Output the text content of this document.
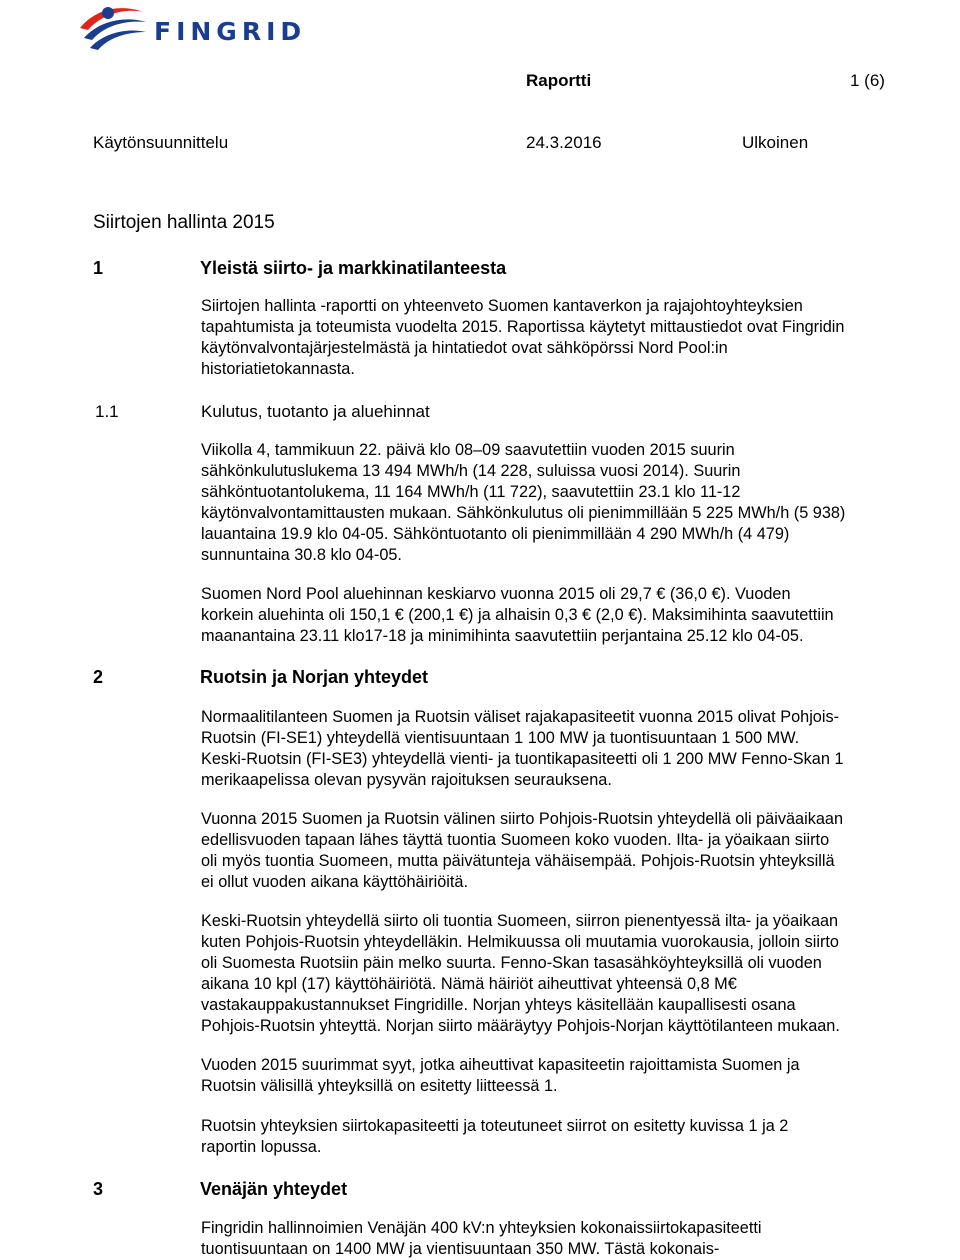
FINGRID
Raportti	1 (6)
Käytönsuunnittelu	24.3.2016	Ulkoinen
Siirtojen hallinta 2015
1	Yleistä siirto- ja markkinatilanteesta
Siirtojen hallinta -raportti on yhteenveto Suomen kantaverkon ja rajajohtoyhteyksien
tapahtumista ja toteumista vuodelta 2015. Raportissa käytetyt mittaustiedot ovat Fingridin
käytönvalvontajärjestelmästä ja hintatiedot ovat sähköpörssi Nord Pool:in
historiatietokannasta.
1.1	Kulutus, tuotanto ja aluehinnat
Viikolla 4, tammikuun 22. päivä klo 08–09 saavutettiin vuoden 2015 suurin
sähkönkulutuslukema 13 494 MWh/h (14 228, suluissa vuosi 2014). Suurin
sähköntuotantolukema, 11 164 MWh/h (11 722), saavutettiin 23.1 klo 11-12
käytönvalvontamittausten mukaan. Sähkönkulutus oli pienimmillään 5 225 MWh/h (5 938)
lauantaina 19.9 klo 04-05. Sähköntuotanto oli pienimmillään 4 290 MWh/h (4 479)
sunnuntaina 30.8 klo 04-05.
Suomen Nord Pool aluehinnan keskiarvo vuonna 2015 oli 29,7 € (36,0 €). Vuoden
korkein aluehinta oli 150,1 € (200,1 €) ja alhaisin 0,3 € (2,0 €). Maksimihinta saavutettiin
maanantaina 23.11 klo17-18 ja minimihinta saavutettiin perjantaina 25.12 klo 04-05.
2	Ruotsin ja Norjan yhteydet
Normaalitilanteen Suomen ja Ruotsin väliset rajakapasiteetit vuonna 2015 olivat Pohjois-
Ruotsin (FI-SE1) yhteydellä vientisuuntaan 1 100 MW ja tuontisuuntaan 1 500 MW.
Keski-Ruotsin (FI-SE3) yhteydellä vienti- ja tuontikapasiteetti oli 1 200 MW Fenno-Skan 1
merikaapelissa olevan pysyvän rajoituksen seurauksena.
Vuonna 2015 Suomen ja Ruotsin välinen siirto Pohjois-Ruotsin yhteydellä oli päiväaikaan
edellisvuoden tapaan lähes täyttä tuontia Suomeen koko vuoden. Ilta- ja yöaikaan siirto
oli myös tuontia Suomeen, mutta päivätunteja vähäisempää. Pohjois-Ruotsin yhteyksillä
ei ollut vuoden aikana käyttöhäiriöitä.
Keski-Ruotsin yhteydellä siirto oli tuontia Suomeen, siirron pienentyessä ilta- ja yöaikaan
kuten Pohjois-Ruotsin yhteydelläkin. Helmikuussa oli muutamia vuorokausia, jolloin siirto
oli Suomesta Ruotsiin päin melko suurta. Fenno-Skan tasasähköyhteyksillä oli vuoden
aikana 10 kpl (17) käyttöhäiriötä. Nämä häiriöt aiheuttivat yhteensä 0,8 M€
vastakauppakustannukset Fingridille. Norjan yhteys käsitellään kaupallisesti osana
Pohjois-Ruotsin yhteyttä. Norjan siirto määräytyy Pohjois-Norjan käyttötilanteen mukaan.
Vuoden 2015 suurimmat syyt, jotka aiheuttivat kapasiteetin rajoittamista Suomen ja
Ruotsin välisillä yhteyksillä on esitetty liitteessä 1.
Ruotsin yhteyksien siirtokapasiteetti ja toteutuneet siirrot on esitetty kuvissa 1 ja 2
raportin lopussa.
3	Venäjän yhteydet
Fingridin hallinnoimien Venäjän 400 kV:n yhteyksien kokonaissiirtokapasiteetti
tuontisuuntaan on 1400 MW ja vientisuuntaan 350 MW. Tästä kokonais-
